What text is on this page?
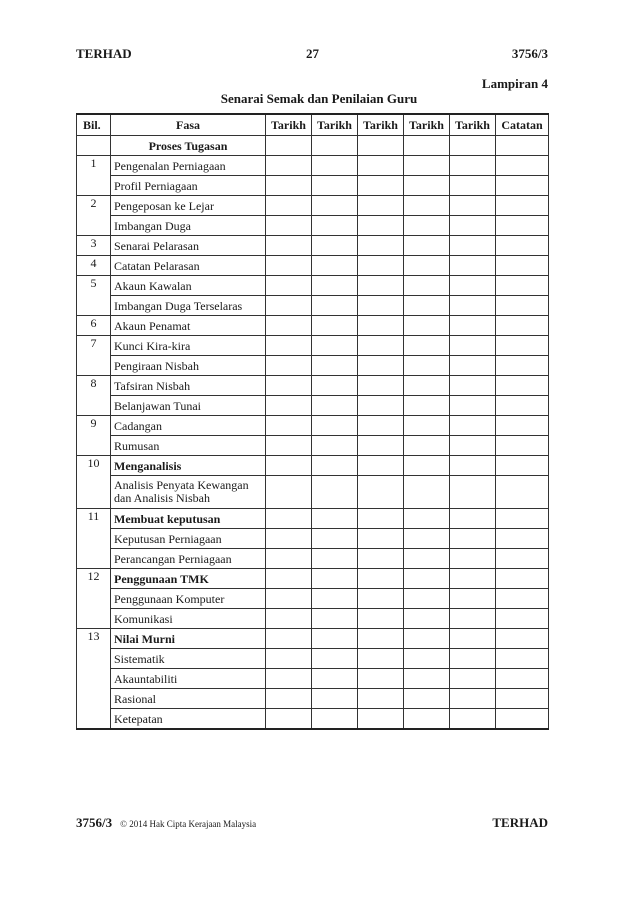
TERHAD	27	3756/3
Lampiran 4
Senarai Semak dan Penilaian Guru
Bil.	Fasa	Tarikh	Tarikh	Tarikh	Tarikh	Tarikh	Catatan
	Proses Tugasan						
1	Pengenalan Perniagaan						
	Profil Perniagaan						
2	Pengeposan ke Lejar						
	Imbangan Duga						
3	Senarai Pelarasan						
4	Catatan Pelarasan						
5	Akaun Kawalan						
	Imbangan Duga Terselaras						
6	Akaun Penamat						
7	Kunci Kira-kira						
	Pengiraan Nisbah						
8	Tafsiran Nisbah						
	Belanjawan Tunai						
9	Cadangan						
	Rumusan						
10	Menganalisis						
	Analisis Penyata Kewangan dan Analisis Nisbah						
11	Membuat keputusan						
	Keputusan Perniagaan						
	Perancangan Perniagaan						
12	Penggunaan TMK						
	Penggunaan Komputer						
	Komunikasi						
13	Nilai Murni						
	Sistematik						
	Akauntabiliti						
	Rasional						
	Ketepatan						
3756/3 © 2014 Hak Cipta Kerajaan Malaysia	TERHAD
